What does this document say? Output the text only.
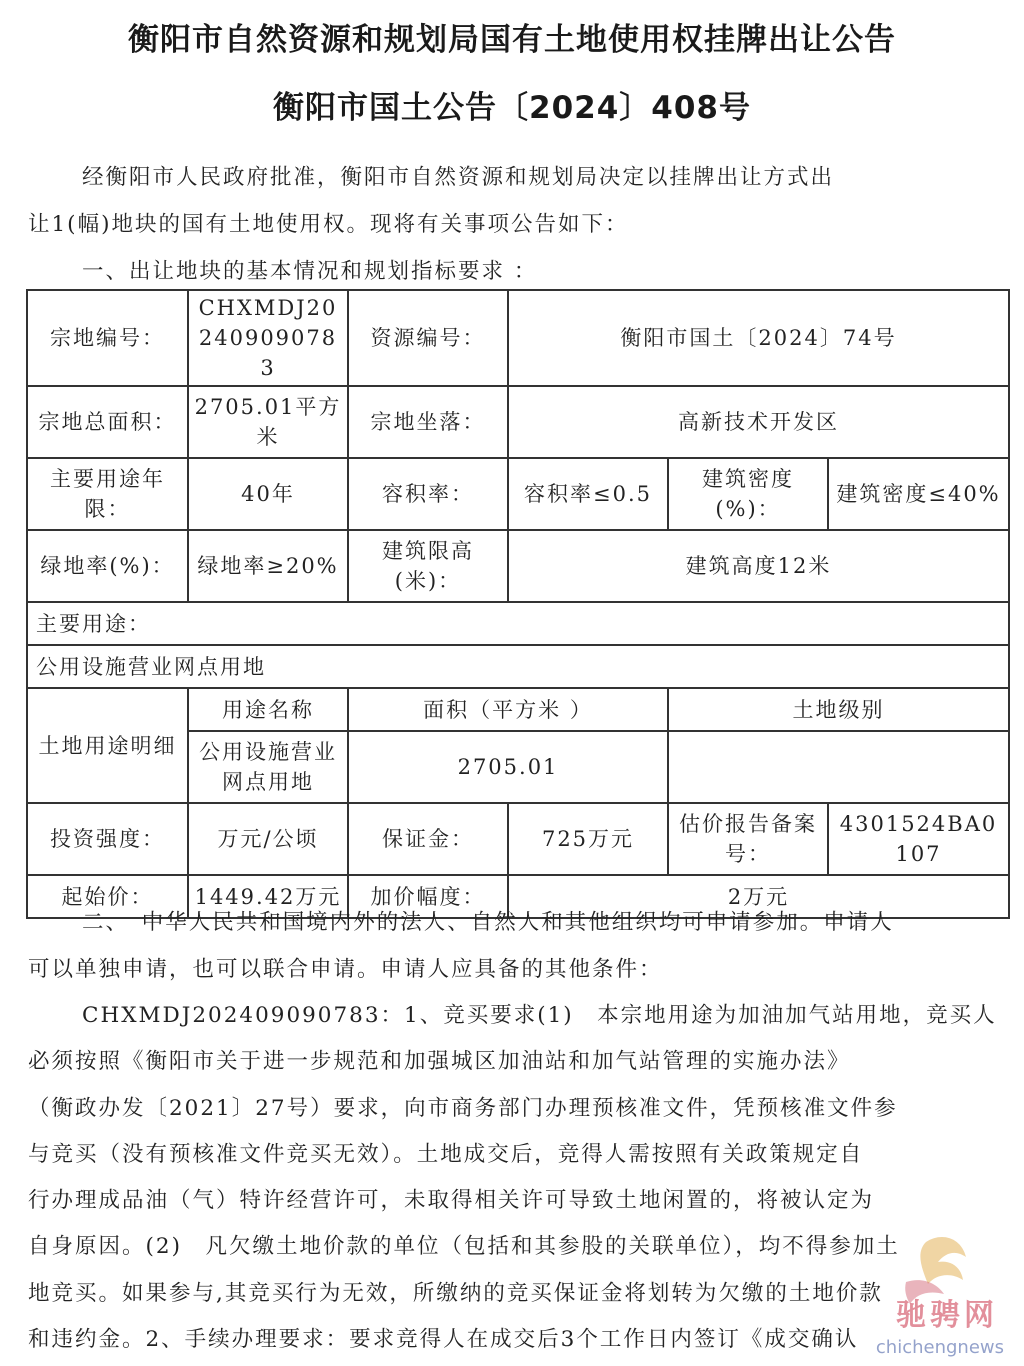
衡阳市自然资源和规划局国有土地使用权挂牌出让公告
衡阳市国土公告〔2024〕408号
经衡阳市人民政府批准，衡阳市自然资源和规划局决定以挂牌出让方式出
让1(幅)地块的国有土地使用权。现将有关事项公告如下：
一、出让地块的基本情况和规划指标要求 ：
宗地编号：	CHXMDJ202409090783	资源编号：	衡阳市国土〔2024〕74号		
宗地总面积：	2705.01平方米	宗地坐落：	高新技术开发区		
主要用途年限：	40年	容积率：	容积率≤0.5	建筑密度(%)：	建筑密度≤40%
绿地率(%)：	绿地率≥20%	建筑限高(米)：	建筑高度12米		
主要用途：					
公用设施营业网点用地					
土地用途明细	用途名称	面积（平方米 ）		土地级别	
	公用设施营业网点用地	2705.01			
投资强度：	万元/公顷	保证金：	725万元	估价报告备案号：	4301524BA0107
起始价：	1449.42万元	加价幅度：	2万元		
二、　中华人民共和国境内外的法人、自然人和其他组织均可申请参加。申请人
可以单独申请，也可以联合申请。申请人应具备的其他条件：
CHXMDJ202409090783：1、竞买要求(1)　本宗地用途为加油加气站用地，竞买人
必须按照《衡阳市关于进一步规范和加强城区加油站和加气站管理的实施办法》
（衡政办发〔2021〕27号）要求，向市商务部门办理预核准文件，凭预核准文件参
与竞买（没有预核准文件竞买无效）。土地成交后，竞得人需按照有关政策规定自
行办理成品油（气）特许经营许可，未取得相关许可导致土地闲置的，将被认定为
自身原因。(2)　凡欠缴土地价款的单位（包括和其参股的关联单位），均不得参加土
地竞买。如果参与,其竞买行为无效，所缴纳的竞买保证金将划转为欠缴的土地价款
和违约金。2、手续办理要求：要求竞得人在成交后3个工作日内签订《成交确认
驰骋网
chichengnews
